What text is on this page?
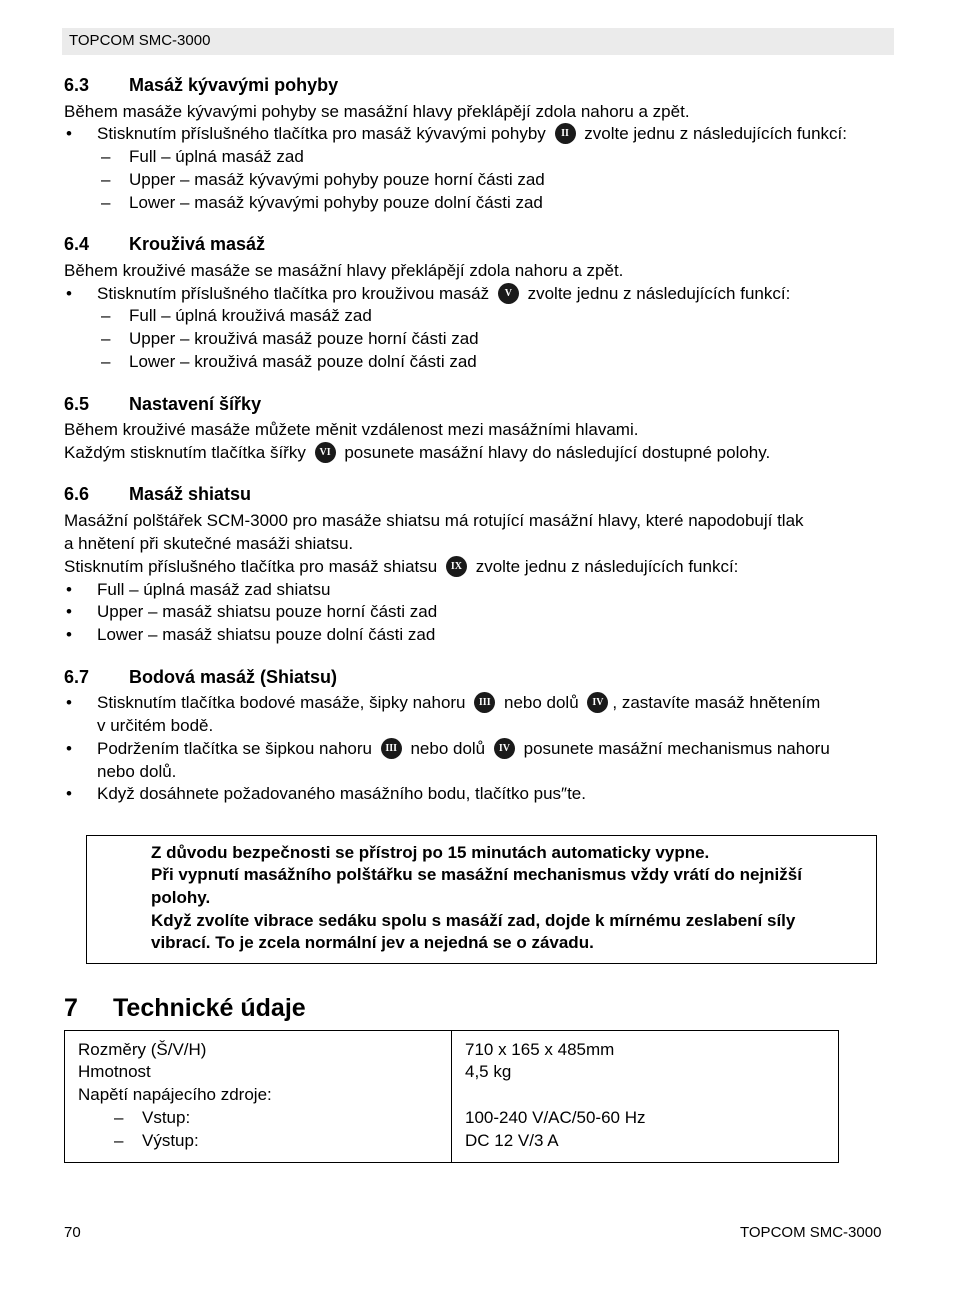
TOPCOM SMC-3000
6.3 Masáž kývavými pohyby
Během masáže kývavými pohyby se masážní hlavy překlápějí zdola nahoru a zpět.
• Stisknutím příslušného tlačítka pro masáž kývavými pohyby II zvolte jednu z následujících funkcí:
– Full – úplná masáž zad
– Upper – masáž kývavými pohyby pouze horní části zad
– Lower – masáž kývavými pohyby pouze dolní části zad
6.4 Krouživá masáž
Během krouživé masáže se masážní hlavy překlápějí zdola nahoru a zpět.
• Stisknutím příslušného tlačítka pro krouživou masáž V zvolte jednu z následujících funkcí:
– Full – úplná krouživá masáž zad
– Upper – krouživá masáž pouze horní části zad
– Lower – krouživá masáž pouze dolní části zad
6.5 Nastavení šířky
Během krouživé masáže můžete měnit vzdálenost mezi masážními hlavami.
Každým stisknutím tlačítka šířky VI posunete masážní hlavy do následující dostupné polohy.
6.6 Masáž shiatsu
Masážní polštářek SCM-3000 pro masáže shiatsu má rotující masážní hlavy, které napodobují tlak
a hnětení při skutečné masáži shiatsu.
Stisknutím příslušného tlačítka pro masáž shiatsu IX zvolte jednu z následujících funkcí:
• Full – úplná masáž zad shiatsu
• Upper – masáž shiatsu pouze horní části zad
• Lower – masáž shiatsu pouze dolní části zad
6.7 Bodová masáž (Shiatsu)
• Stisknutím tlačítka bodové masáže, šipky nahoru III nebo dolů IV , zastavíte masáž hnětením
v určitém bodě.
• Podržením tlačítka se šipkou nahoru III nebo dolů IV posunete masážní mechanismus nahoru
nebo dolů.
• Když dosáhnete požadovaného masážního bodu, tlačítko pus″te.
Z důvodu bezpečnosti se přístroj po 15 minutách automaticky vypne.
Při vypnutí masážního polštářku se masážní mechanismus vždy vrátí do nejnižší
polohy.
Když zvolíte vibrace sedáku spolu s masáží zad, dojde k mírnému zeslabení síly
vibrací. To je zcela normální jev a nejedná se o závadu.
7 Technické údaje
Rozměry (Š/V/H)	710 x 165 x 485mm
Hmotnost	4,5 kg
Napětí napájecího zdroje:
– Vstup:	100-240 V/AC/50-60 Hz
– Výstup:	DC 12 V/3 A
70	TOPCOM SMC-3000
